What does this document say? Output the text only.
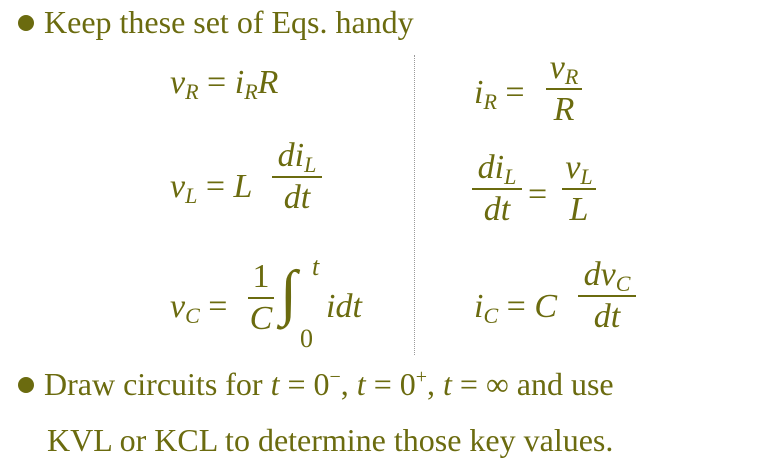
Keep these set of Eqs. handy
vR = iRR
vL = L
diL
dt
vC =
1
C ∫ t
0
idt
iR =
vR
R
diL
dt =
vL
L
iC = C
dvC
dt
Draw circuits for t = 0−, t = 0+, t = ∞ and use
KVL or KCL to determine those key values.
